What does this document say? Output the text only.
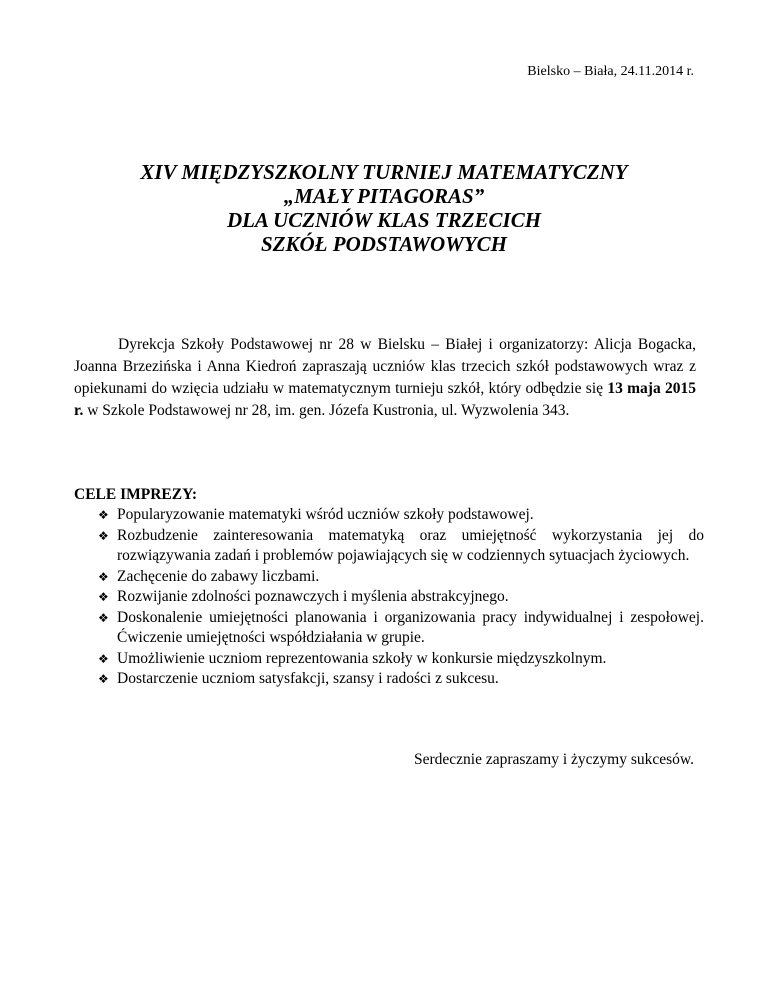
Bielsko – Biała, 24.11.2014 r.
XIV MIĘDZYSZKOLNY TURNIEJ MATEMATYCZNY
„MAŁY PITAGORAS”
DLA UCZNIÓW KLAS TRZECICH
SZKÓŁ PODSTAWOWYCH

Dyrekcja Szkoły Podstawowej nr 28 w Bielsku – Białej i organizatorzy: Alicja Bogacka, Joanna Brzezińska i Anna Kiedroń zapraszają uczniów klas trzecich szkół podstawowych wraz z opiekunami do wzięcia udziału w matematycznym turnieju szkół, który odbędzie się 13 maja 2015 r. w Szkole Podstawowej nr 28, im. gen. Józefa Kustronia, ul. Wyzwolenia 343.

CELE IMPREZY:
❖ Popularyzowanie matematyki wśród uczniów szkoły podstawowej.
❖ Rozbudzenie zainteresowania matematyką oraz umiejętność wykorzystania jej do rozwiązywania zadań i problemów pojawiających się w codziennych sytuacjach życiowych.
❖ Zachęcenie do zabawy liczbami.
❖ Rozwijanie zdolności poznawczych i myślenia abstrakcyjnego.
❖ Doskonalenie umiejętności planowania i organizowania pracy indywidualnej i zespołowej. Ćwiczenie umiejętności współdziałania w grupie.
❖ Umożliwienie uczniom reprezentowania szkoły w konkursie międzyszkolnym.
❖ Dostarczenie uczniom satysfakcji, szansy i radości z sukcesu.
Serdecznie zapraszamy i życzymy sukcesów.
